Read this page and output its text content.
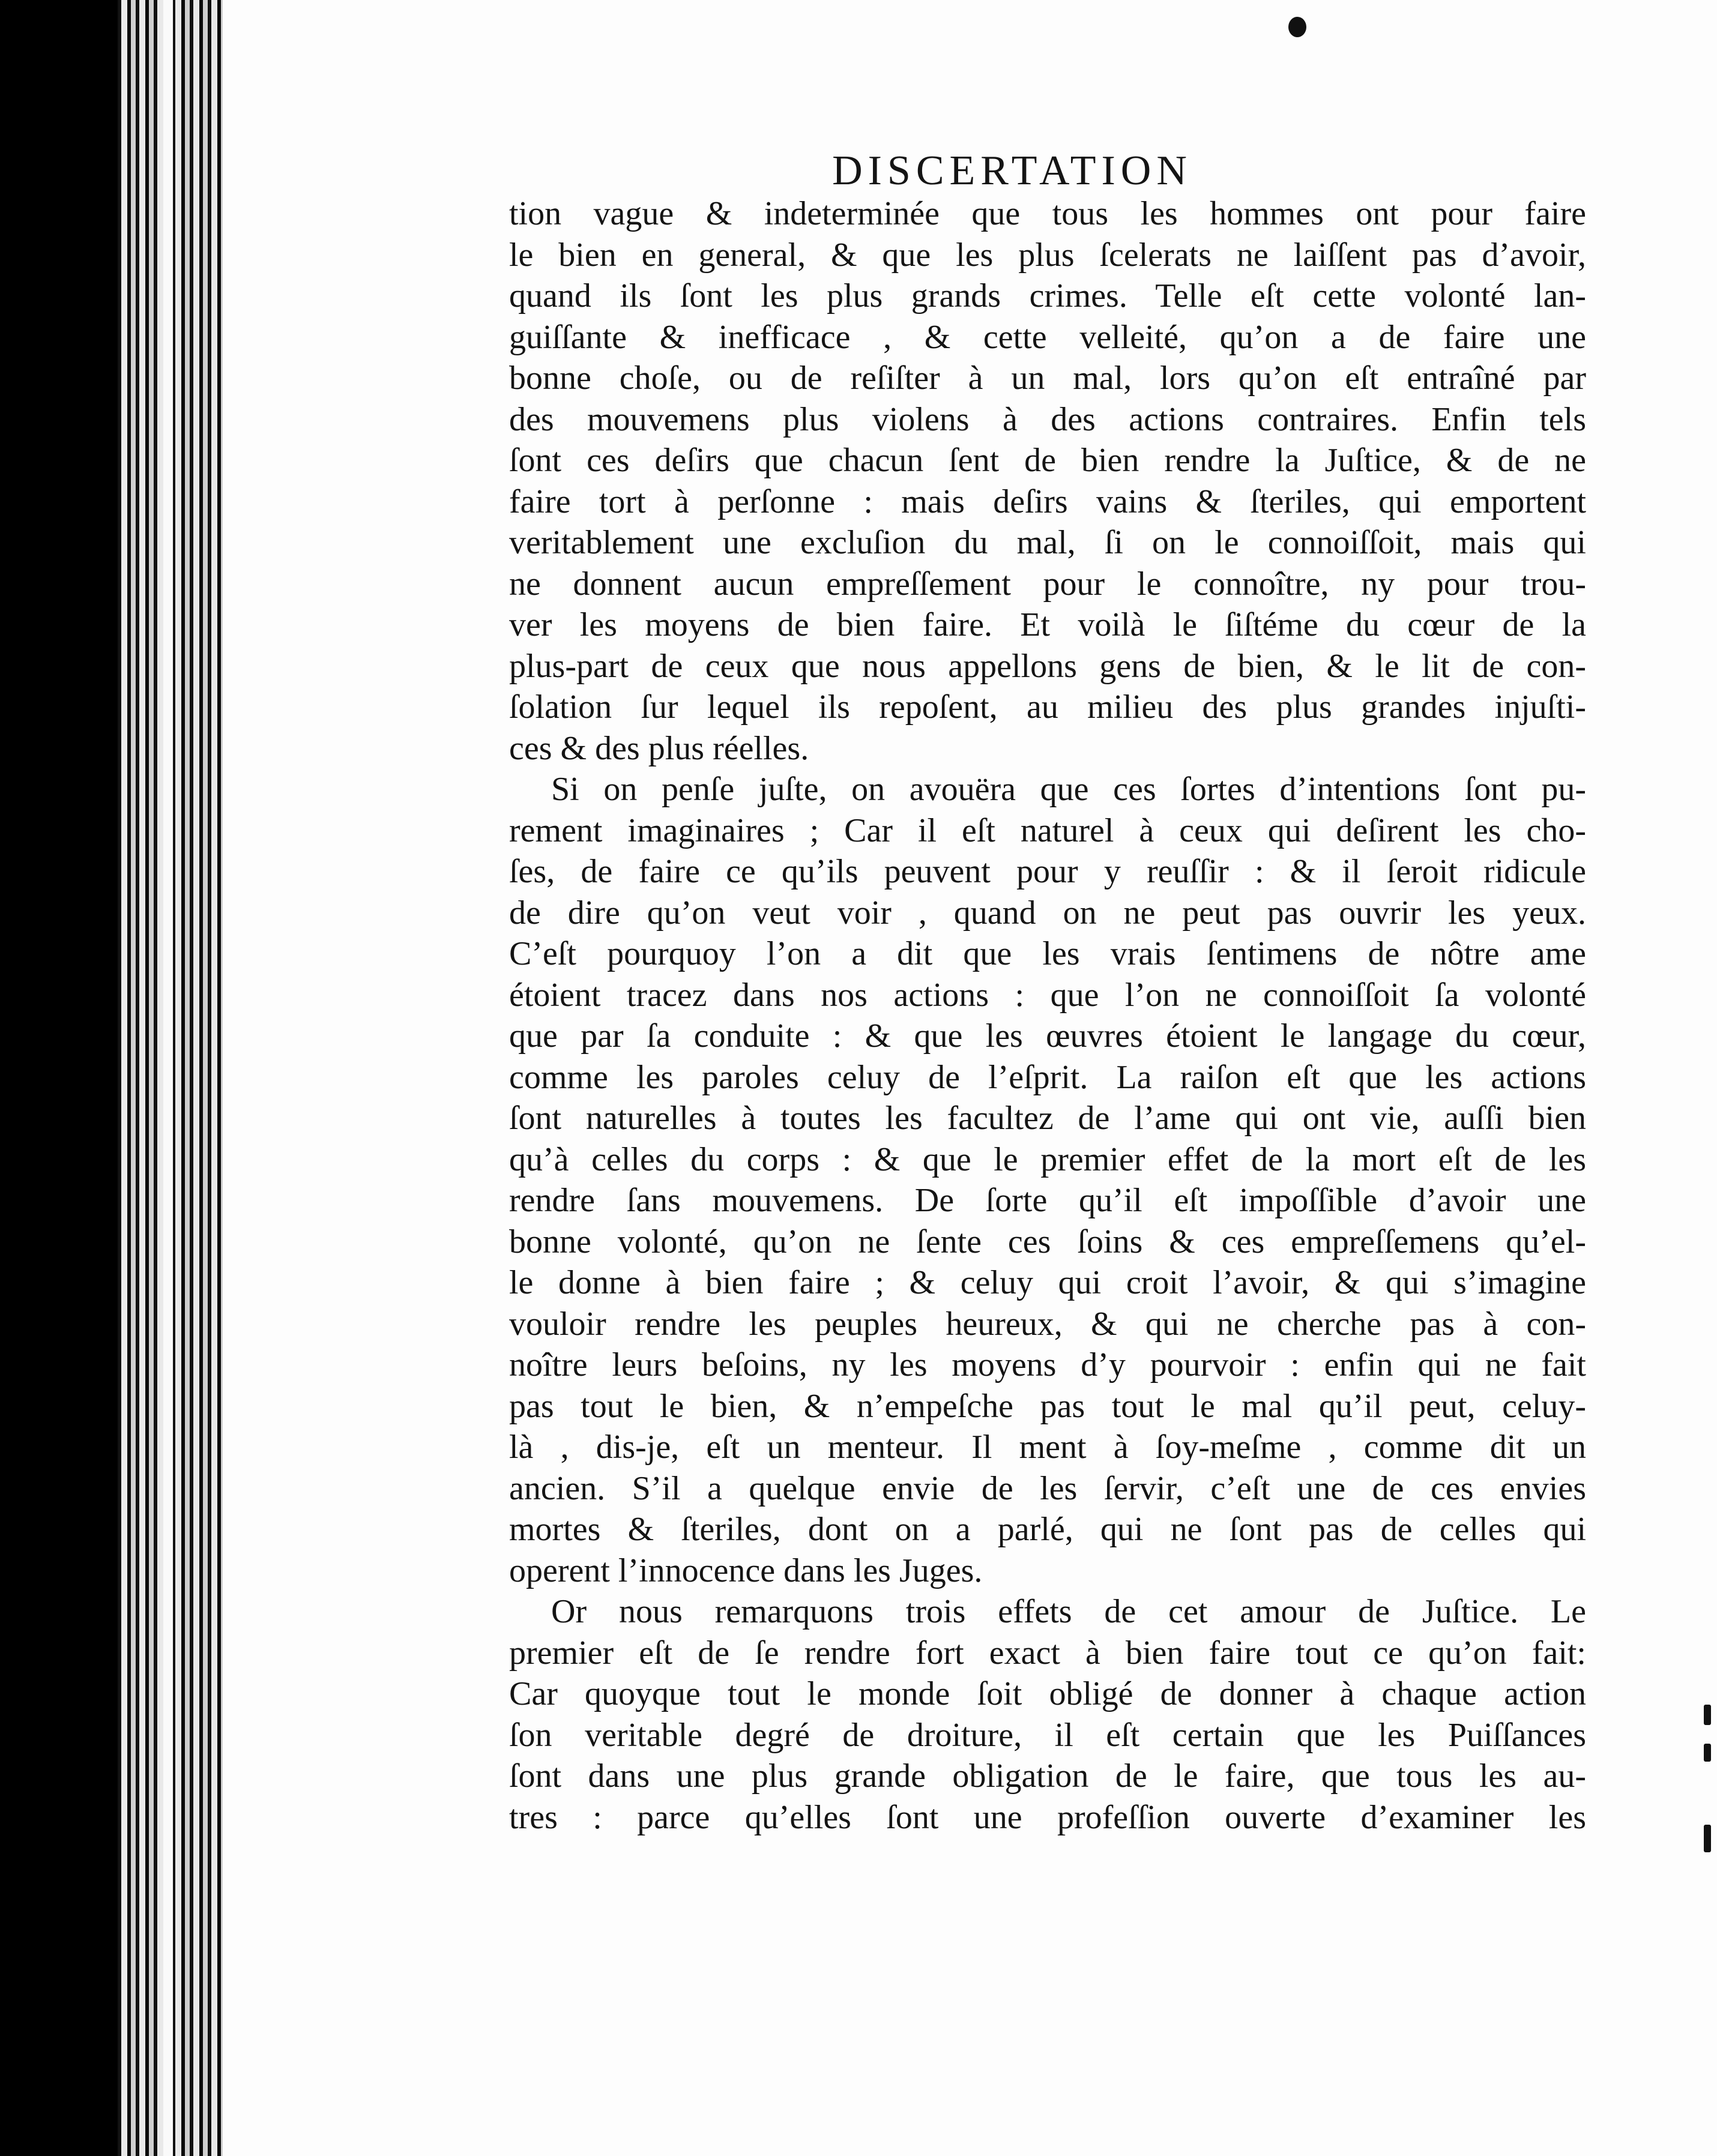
DISCERTATION
tion vague & indeterminée que tous les hommes ont pour faire
le bien en general, & que les plus ſcelerats ne laiſſent pas d’avoir,
quand ils ſont les plus grands crimes. Telle eſt cette volonté lan-
guiſſante & inefficace , & cette velleité, qu’on a de faire une
bonne choſe, ou de reſiſter à un mal, lors qu’on eſt entraîné par
des mouvemens plus violens à des actions contraires. Enfin tels
ſont ces deſirs que chacun ſent de bien rendre la Juſtice, & de ne
faire tort à perſonne : mais deſirs vains & ſteriles, qui emportent
veritablement une excluſion du mal, ſi on le connoiſſoit, mais qui
ne donnent aucun empreſſement pour le connoître, ny pour trou-
ver les moyens de bien faire. Et voilà le ſiſtéme du cœur de la
plus-part de ceux que nous appellons gens de bien, & le lit de con-
ſolation ſur lequel ils repoſent, au milieu des plus grandes injuſti-
ces & des plus réelles.
Si on penſe juſte, on avouëra que ces ſortes d’intentions ſont pu-
rement imaginaires ; Car il eſt naturel à ceux qui deſirent les cho-
ſes, de faire ce qu’ils peuvent pour y reuſſir : & il ſeroit ridicule
de dire qu’on veut voir , quand on ne peut pas ouvrir les yeux.
C’eſt pourquoy l’on a dit que les vrais ſentimens de nôtre ame
étoient tracez dans nos actions : que l’on ne connoiſſoit ſa volonté
que par ſa conduite : & que les œuvres étoient le langage du cœur,
comme les paroles celuy de l’eſprit. La raiſon eſt que les actions
ſont naturelles à toutes les facultez de l’ame qui ont vie, auſſi bien
qu’à celles du corps : & que le premier effet de la mort eſt de les
rendre ſans mouvemens. De ſorte qu’il eſt impoſſible d’avoir une
bonne volonté, qu’on ne ſente ces ſoins & ces empreſſemens qu’el-
le donne à bien faire ; & celuy qui croit l’avoir, & qui s’imagine
vouloir rendre les peuples heureux, & qui ne cherche pas à con-
noître leurs beſoins, ny les moyens d’y pourvoir : enfin qui ne fait
pas tout le bien, & n’empeſche pas tout le mal qu’il peut, celuy-
là , dis-je, eſt un menteur. Il ment à ſoy-meſme , comme dit un
ancien. S’il a quelque envie de les ſervir, c’eſt une de ces envies
mortes & ſteriles, dont on a parlé, qui ne ſont pas de celles qui
operent l’innocence dans les Juges.
Or nous remarquons trois effets de cet amour de Juſtice. Le
premier eſt de ſe rendre fort exact à bien faire tout ce qu’on fait:
Car quoyque tout le monde ſoit obligé de donner à chaque action
ſon veritable degré de droiture, il eſt certain que les Puiſſances
ſont dans une plus grande obligation de le faire, que tous les au-
tres : parce qu’elles ſont une profeſſion ouverte d’examiner les
